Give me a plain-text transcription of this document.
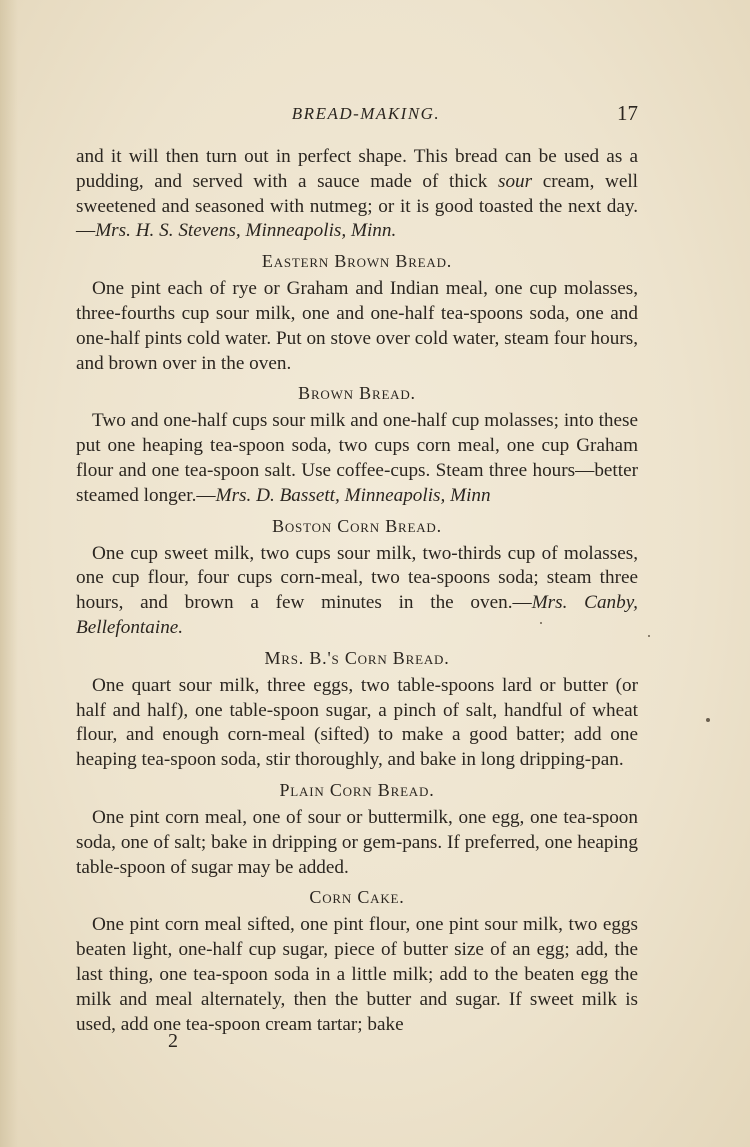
BREAD-MAKING.	17

and it will then turn out in perfect shape. This bread can be used as a pudding, and served with a sauce made of thick sour cream, well sweetened and seasoned with nutmeg; or it is good toasted the next day.—Mrs. H. S. Stevens, Minneapolis, Minn.

Eastern Brown Bread.

One pint each of rye or Graham and Indian meal, one cup molasses, three-fourths cup sour milk, one and one-half tea-spoons soda, one and one-half pints cold water. Put on stove over cold water, steam four hours, and brown over in the oven.

Brown Bread.

Two and one-half cups sour milk and one-half cup molasses; into these put one heaping tea-spoon soda, two cups corn meal, one cup Graham flour and one tea-spoon salt. Use coffee-cups. Steam three hours—better steamed longer.—Mrs. D. Bassett, Minneapolis, Minn

Boston Corn Bread.

One cup sweet milk, two cups sour milk, two-thirds cup of molasses, one cup flour, four cups corn-meal, two tea-spoons soda; steam three hours, and brown a few minutes in the oven.—Mrs. Canby, Bellefontaine.

Mrs. B.'s Corn Bread.

One quart sour milk, three eggs, two table-spoons lard or butter (or half and half), one table-spoon sugar, a pinch of salt, handful of wheat flour, and enough corn-meal (sifted) to make a good batter; add one heaping tea-spoon soda, stir thoroughly, and bake in long dripping-pan.

Plain Corn Bread.

One pint corn meal, one of sour or buttermilk, one egg, one tea-spoon soda, one of salt; bake in dripping or gem-pans. If preferred, one heaping table-spoon of sugar may be added.

Corn Cake.

One pint corn meal sifted, one pint flour, one pint sour milk, two eggs beaten light, one-half cup sugar, piece of butter size of an egg; add, the last thing, one tea-spoon soda in a little milk; add to the beaten egg the milk and meal alternately, then the butter and sugar. If sweet milk is used, add one tea-spoon cream tartar; bake

2
